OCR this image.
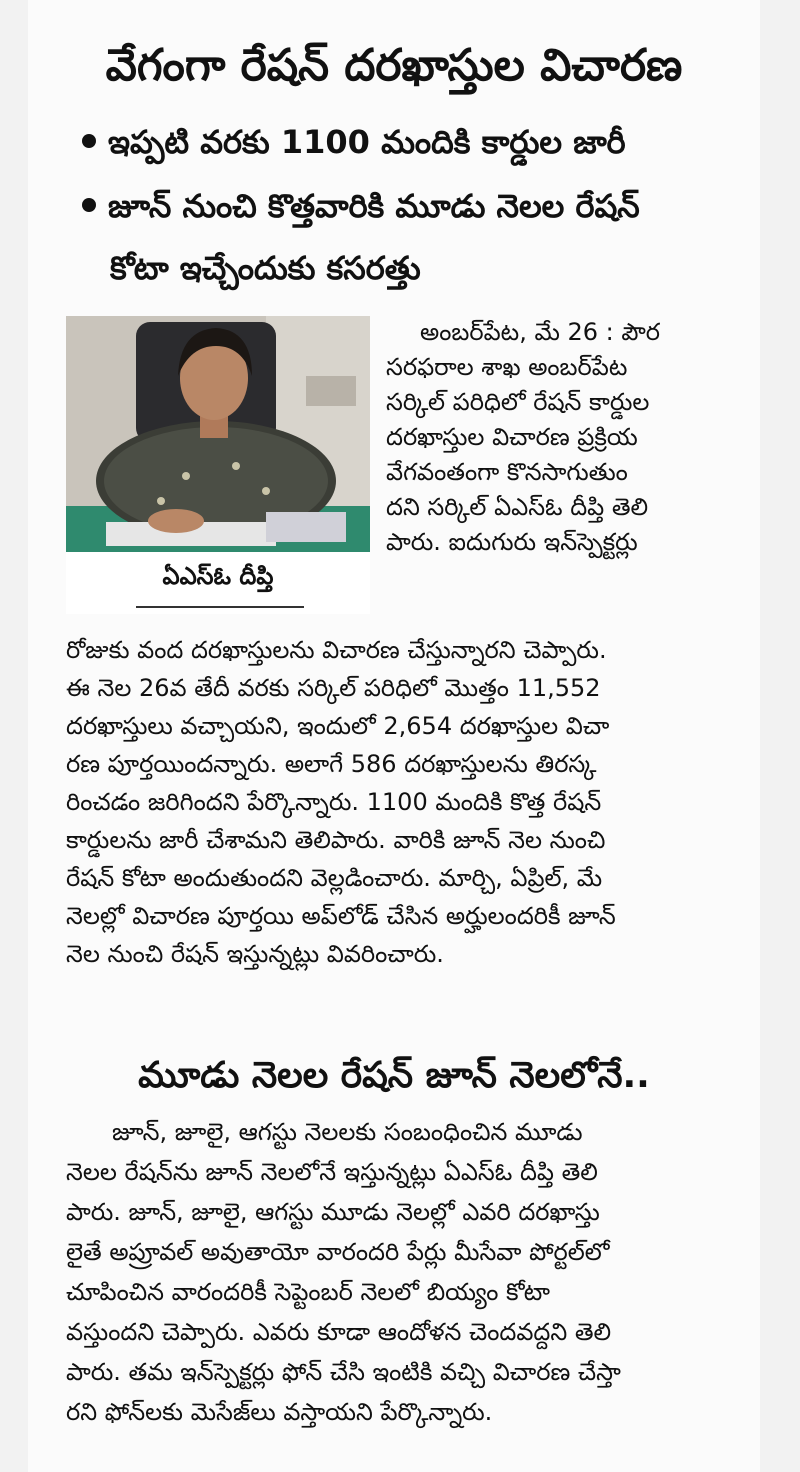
వేగంగా రేషన్ దరఖాస్తుల విచారణ
ఇప్పటి వరకు 1100 మందికి కార్డుల జారీ
జూన్ నుంచి కొత్తవారికి మూడు నెలల రేషన్
కోటా ఇచ్చేందుకు కసరత్తు
ఏఎస్ఓ దీప్తి
అంబర్‌పేట, మే 26 : పౌర
సరఫరాల శాఖ అంబర్‌పేట
సర్కిల్ పరిధిలో రేషన్ కార్డుల
దరఖాస్తుల విచారణ ప్రక్రియ
వేగవంతంగా కొనసాగుతుం
దని సర్కిల్ ఏఎస్ఓ దీప్తి తెలి
పారు. ఐదుగురు ఇన్‌స్పెక్టర్లు
రోజుకు వంద దరఖాస్తులను విచారణ చేస్తున్నారని చెప్పారు.
ఈ నెల 26వ తేదీ వరకు సర్కిల్ పరిధిలో మొత్తం 11,552
దరఖాస్తులు వచ్చాయని, ఇందులో 2,654 దరఖాస్తుల విచా
రణ పూర్తయిందన్నారు. అలాగే 586 దరఖాస్తులను తిరస్క
రించడం జరిగిందని పేర్కొన్నారు. 1100 మందికి కొత్త రేషన్
కార్డులను జారీ చేశామని తెలిపారు. వారికి జూన్ నెల నుంచి
రేషన్ కోటా అందుతుందని వెల్లడించారు. మార్చి, ఏప్రిల్, మే
నెలల్లో విచారణ పూర్తయి అప్‌లోడ్ చేసిన అర్హులందరికీ జూన్
నెల నుంచి రేషన్ ఇస్తున్నట్లు వివరించారు.
మూడు నెలల రేషన్ జూన్ నెలలోనే..
జూన్, జూలై, ఆగస్టు నెలలకు సంబంధించిన మూడు
నెలల రేషన్‌ను జూన్ నెలలోనే ఇస్తున్నట్లు ఏఎస్ఓ దీప్తి తెలి
పారు. జూన్, జూలై, ఆగస్టు మూడు నెలల్లో ఎవరి దరఖాస్తు
లైతే అప్రూవల్ అవుతాయో వారందరి పేర్లు మీసేవా పోర్టల్‌లో
చూపించిన వారందరికీ సెప్టెంబర్ నెలలో బియ్యం కోటా
వస్తుందని చెప్పారు. ఎవరు కూడా ఆందోళన చెందవద్దని తెలి
పారు. తమ ఇన్‌స్పెక్టర్లు ఫోన్ చేసి ఇంటికి వచ్చి విచారణ చేస్తా
రని ఫోన్‌లకు మెసేజ్‌లు వస్తాయని పేర్కొన్నారు.
